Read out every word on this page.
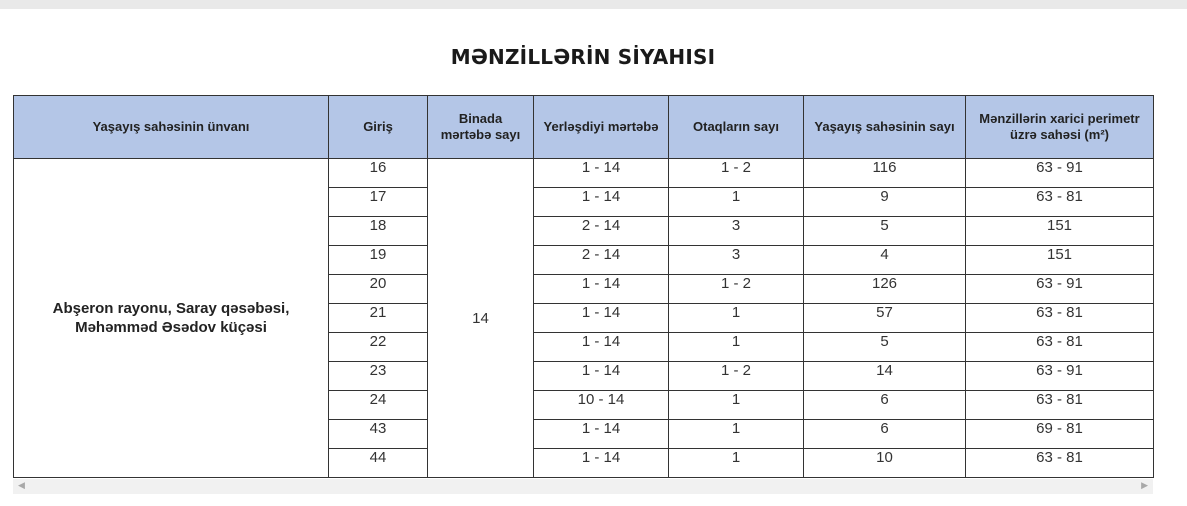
MƏNZİLLƏRİN SİYAHISI
Yaşayış sahəsinin ünvanı	Giriş	Binada mərtəbə sayı	Yerləşdiyi mərtəbə	Otaqların sayı	Yaşayış sahəsinin sayı	Mənzillərin xarici perimetr üzrə sahəsi (m²)
Abşeron rayonu, Saray qəsəbəsi, Məhəmməd Əsədov küçəsi	16	14	1 - 14	1 - 2	116	63 - 91
	17		1 - 14	1	9	63 - 81
	18		2 - 14	3	5	151
	19		2 - 14	3	4	151
	20		1 - 14	1 - 2	126	63 - 91
	21		1 - 14	1	57	63 - 81
	22		1 - 14	1	5	63 - 81
	23		1 - 14	1 - 2	14	63 - 91
	24		10 - 14	1	6	63 - 81
	43		1 - 14	1	6	69 - 81
	44		1 - 14	1	10	63 - 81
◀	▶
